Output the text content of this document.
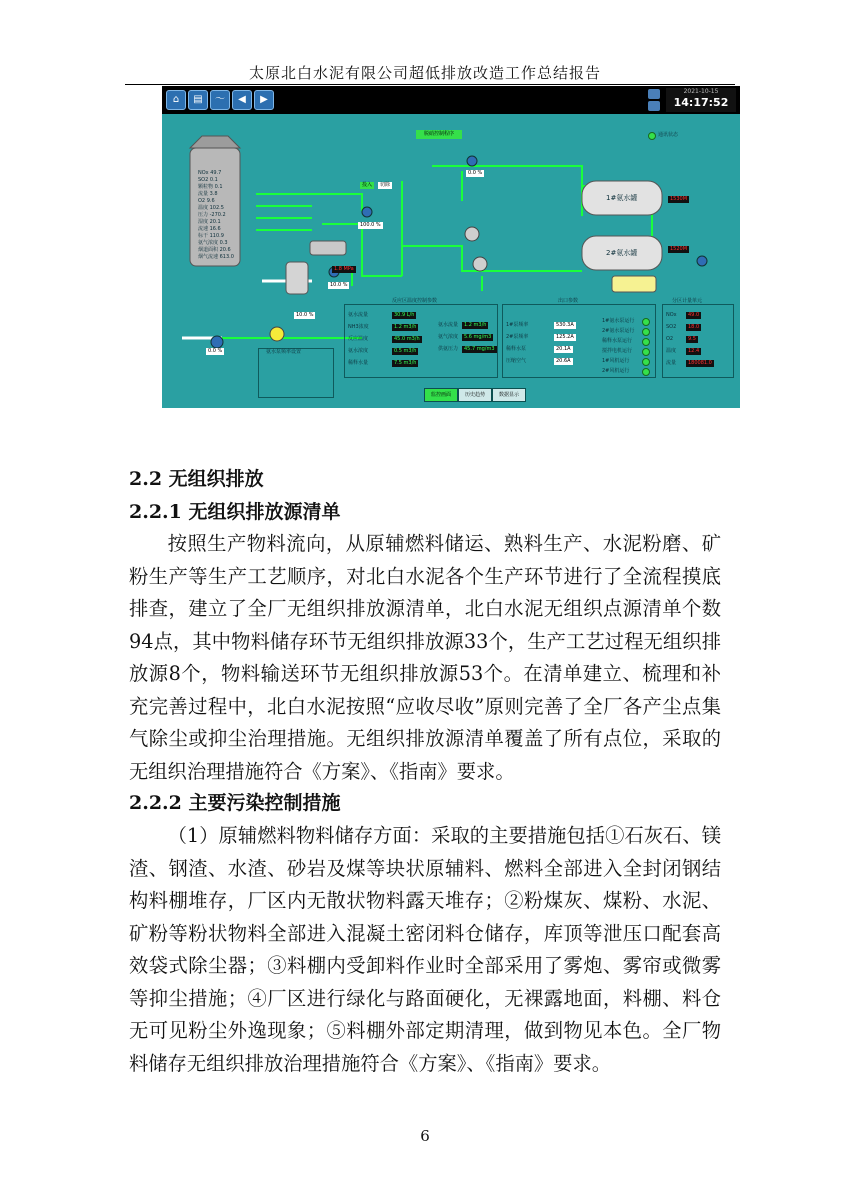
太原北白水泥有限公司超低排放改造工作总结报告
⌂	▤	〜	◀	▶
2021-10-15
14:17:52
脱硝控制程序	通讯状态
NOx 49.7
SO2 0.1
颗粒物 0.1
流量 3.8
O2 9.6
温度 102.5
压力 -270.2
湿度 20.1
流速 16.6
标干 110.9
氨气浓度 0.3
烟道面积 20.6
烟气流速 613.0
1#氨水罐
2#氨水罐
1530M
1520M
0.0 %
100.0 %
10.0 %
0.0 %
10.0 %
1.8 MPa
投入	切除
反应区温度控制参数
氨水流量	30.9 L/h
NH3浓度	1.2 m3/h
反应温度	45.0 m3/h
氨水浓度	0.5 m3/h
稀释水量	7.5 m3/h
氨水流量	1.2 m3/h
氨气浓度	5.6 mg/m3
供氨压力	45.7 mg/m3
出口参数
1#泵频率	530.3A
2#泵频率	125.2A
稀释水泵	20.1A
压缩空气	20.6A
1#氨水泵运行
2#氨水泵运行
稀释水泵运行
搅拌电机运行
1#风机运行
2#风机运行
分区计量单元
NOx	49.0
SO2	18.0
O2	9.5
温度	12.4
流量	180081.0
氨水泵频率设置
监控画面	历史趋势	数据显示
2.2 无组织排放
2.2.1 无组织排放源清单
按照生产物料流向，从原辅燃料储运、熟料生产、水泥粉磨、矿粉生产等生产工艺顺序，对北白水泥各个生产环节进行了全流程摸底排查，建立了全厂无组织排放源清单，北白水泥无组织点源清单个数94点，其中物料储存环节无组织排放源33个，生产工艺过程无组织排放源8个，物料输送环节无组织排放源53个。在清单建立、梳理和补充完善过程中，北白水泥按照“应收尽收”原则完善了全厂各产尘点集气除尘或抑尘治理措施。无组织排放源清单覆盖了所有点位，采取的无组织治理措施符合《方案》、《指南》要求。
2.2.2 主要污染控制措施
（1）原辅燃料物料储存方面：采取的主要措施包括①石灰石、镁渣、钢渣、水渣、砂岩及煤等块状原辅料、燃料全部进入全封闭钢结构料棚堆存，厂区内无散状物料露天堆存；②粉煤灰、煤粉、水泥、矿粉等粉状物料全部进入混凝土密闭料仓储存，库顶等泄压口配套高效袋式除尘器；③料棚内受卸料作业时全部采用了雾炮、雾帘或微雾等抑尘措施；④厂区进行绿化与路面硬化，无裸露地面，料棚、料仓无可见粉尘外逸现象；⑤料棚外部定期清理，做到物见本色。全厂物料储存无组织排放治理措施符合《方案》、《指南》要求。
6
